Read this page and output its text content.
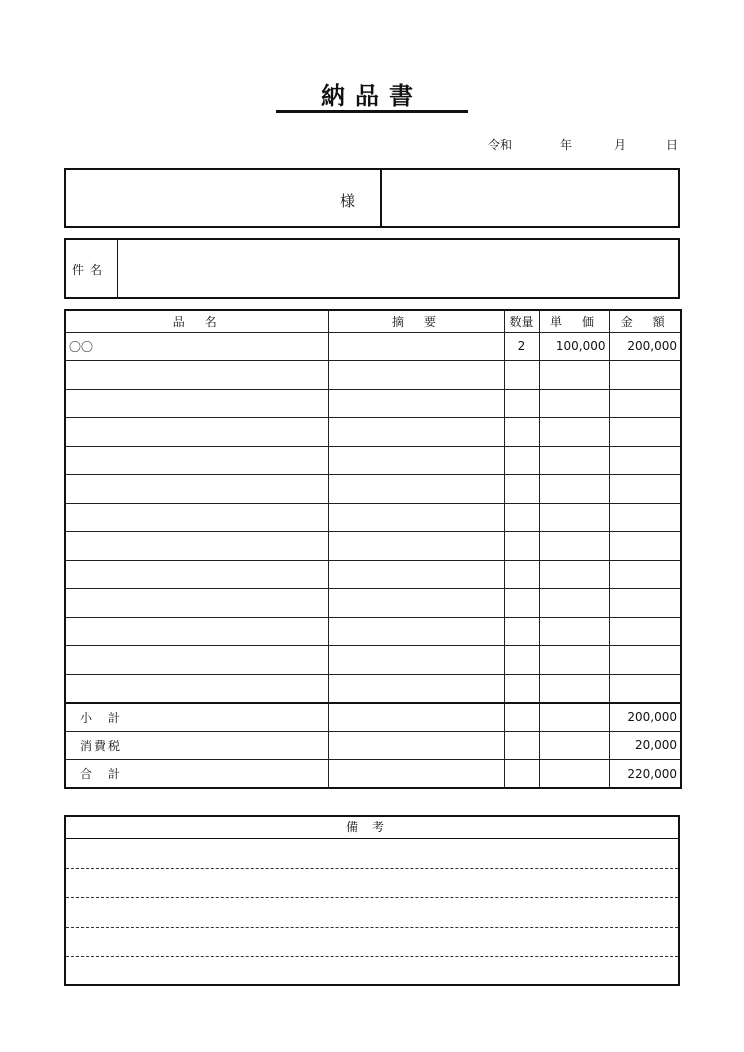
納品書
令和	年	月	日
様
件名
品　名	摘　要	数量	単　価	金　額
〇〇		2	100,000	200,000

小　計				200,000
消費税				20,000
合　計				220,000
備考
